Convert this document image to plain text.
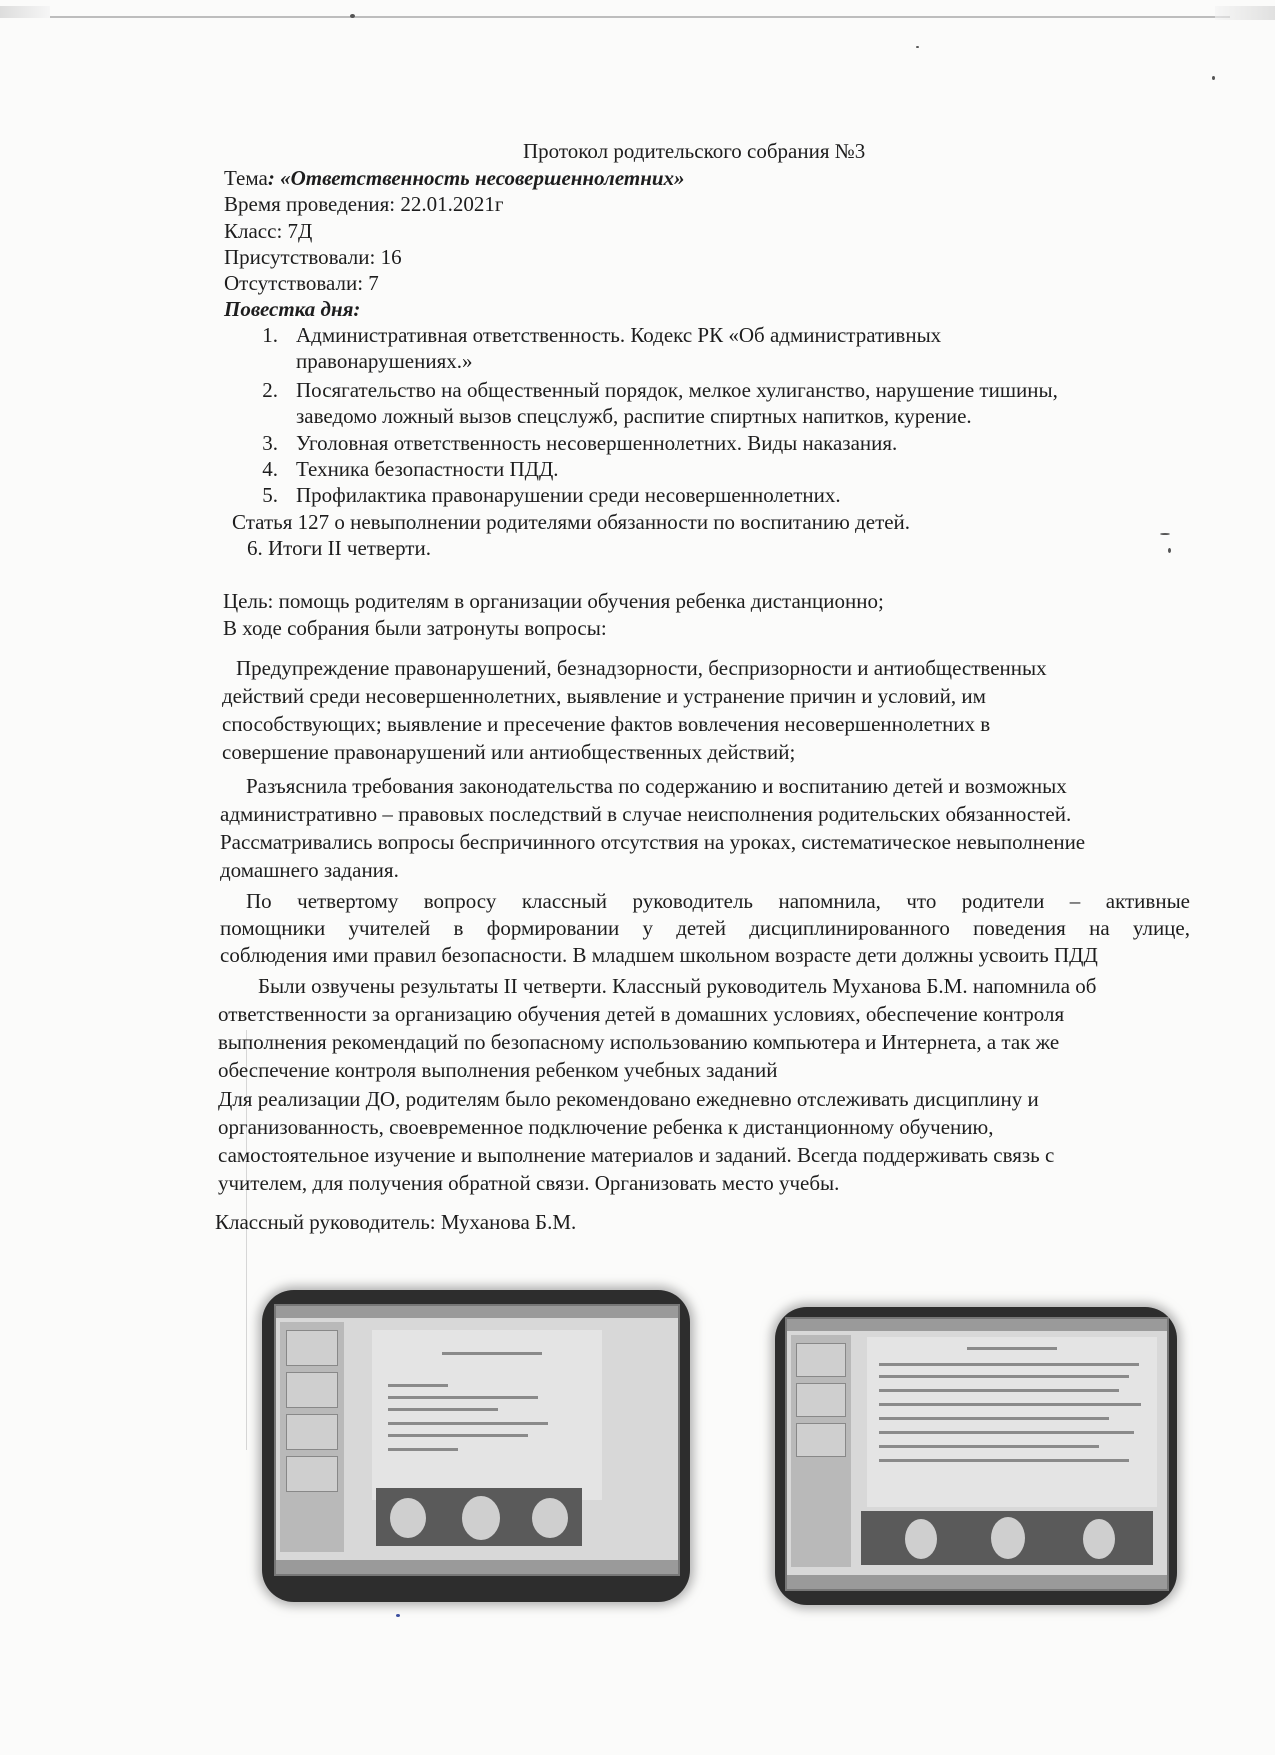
Протокол родительского собрания №3
Тема: «Ответственность несовершеннолетних»
Время проведения: 22.01.2021г
Класс: 7Д
Присутствовали: 16
Отсутствовали: 7
Повестка дня:
1. Административная ответственность. Кодекс РК «Об административных
правонарушениях.»
2. Посягательство на общественный порядок, мелкое хулиганство, нарушение тишины,
заведомо ложный вызов спецслужб, распитие спиртных напитков, курение.
3. Уголовная ответственность несовершеннолетних. Виды наказания.
4. Техника безопастности ПДД.
5. Профилактика правонарушении среди несовершеннолетних.
Статья 127 о невыполнении родителями обязанности по воспитанию детей.
6. Итоги II четверти.
Цель: помощь родителям в организации обучения ребенка дистанционно;
В ходе собрания были затронуты вопросы:
Предупреждение правонарушений, безнадзорности, беспризорности и антиобщественных
действий среди несовершеннолетних, выявление и устранение причин и условий, им
способствующих; выявление и пресечение фактов вовлечения несовершеннолетних в
совершение правонарушений или антиобщественных действий;
Разъяснила требования законодательства по содержанию и воспитанию детей и возможных
административно – правовых последствий в случае неисполнения родительских обязанностей.
Рассматривались вопросы беспричинного отсутствия на уроках, систематическое невыполнение
домашнего задания.
По четвертому вопросу классный руководитель напомнила, что родители – активные
помощники учителей в формировании у детей дисциплинированного поведения на улице,
соблюдения ими правил безопасности. В младшем школьном возрасте дети должны усвоить ПДД
Были озвучены результаты II четверти. Классный руководитель Муханова Б.М. напомнила об
ответственности за организацию обучения детей в домашних условиях, обеспечение контроля
выполнения рекомендаций по безопасному использованию компьютера и Интернета, а так же
обеспечение контроля выполнения ребенком учебных заданий
Для реализации ДО, родителям было рекомендовано ежедневно отслеживать дисциплину и
организованность, своевременное подключение ребенка к дистанционному обучению,
самостоятельное изучение и выполнение материалов и заданий. Всегда поддерживать связь с
учителем, для получения обратной связи. Организовать место учебы.
Классный руководитель: Муханова Б.М.
